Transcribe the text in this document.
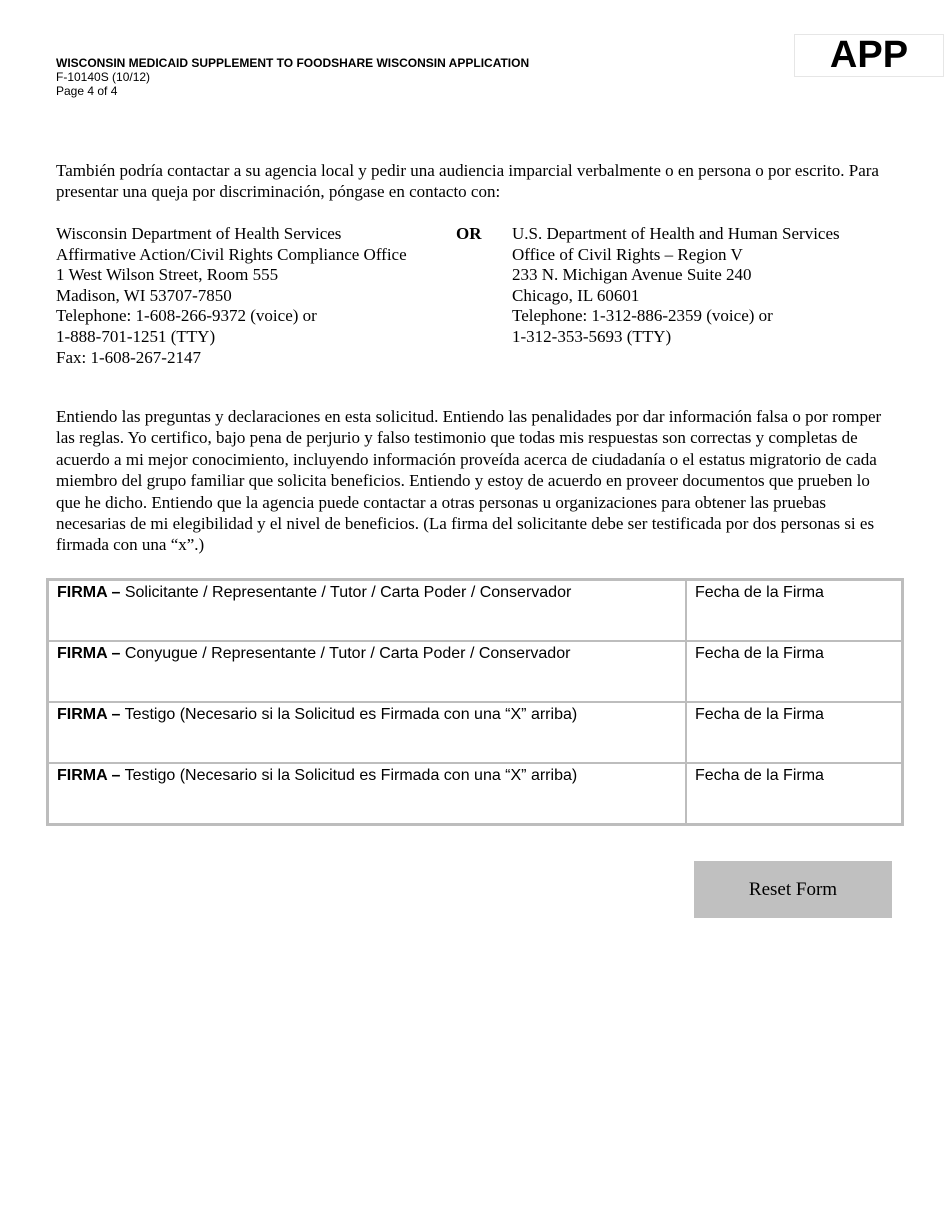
WISCONSIN MEDICAID SUPPLEMENT TO FOODSHARE WISCONSIN APPLICATION
F-10140S (10/12)
Page 4 of 4
APP
También podría contactar a su agencia local y pedir una audiencia imparcial verbalmente o en persona o por escrito. Para presentar una queja por discriminación, póngase en contacto con:
Wisconsin Department of Health Services
Affirmative Action/Civil Rights Compliance Office
1 West Wilson Street, Room 555
Madison, WI 53707-7850
Telephone: 1-608-266-9372 (voice) or
1-888-701-1251 (TTY)
Fax: 1-608-267-2147
OR U.S. Department of Health and Human Services
Office of Civil Rights – Region V
233 N. Michigan Avenue Suite 240
Chicago, IL 60601
Telephone: 1-312-886-2359 (voice) or
1-312-353-5693 (TTY)
Entiendo las preguntas y declaraciones en esta solicitud. Entiendo las penalidades por dar información falsa o por romper las reglas. Yo certifico, bajo pena de perjurio y falso testimonio que todas mis respuestas son correctas y completas de acuerdo a mi mejor conocimiento, incluyendo información proveída acerca de ciudadanía o el estatus migratorio de cada miembro del grupo familiar que solicita beneficios. Entiendo y estoy de acuerdo en proveer documentos que prueben lo que he dicho. Entiendo que la agencia puede contactar a otras personas u organizaciones para obtener las pruebas necesarias de mi elegibilidad y el nivel de beneficios. (La firma del solicitante debe ser testificada por dos personas si es firmada con una “x”.)
FIRMA – Solicitante / Representante / Tutor / Carta Poder / Conservador	Fecha de la Firma
FIRMA – Conyugue / Representante / Tutor / Carta Poder / Conservador	Fecha de la Firma
FIRMA – Testigo (Necesario si la Solicitud es Firmada con una “X” arriba)	Fecha de la Firma
FIRMA – Testigo (Necesario si la Solicitud es Firmada con una “X” arriba)	Fecha de la Firma
Reset Form
